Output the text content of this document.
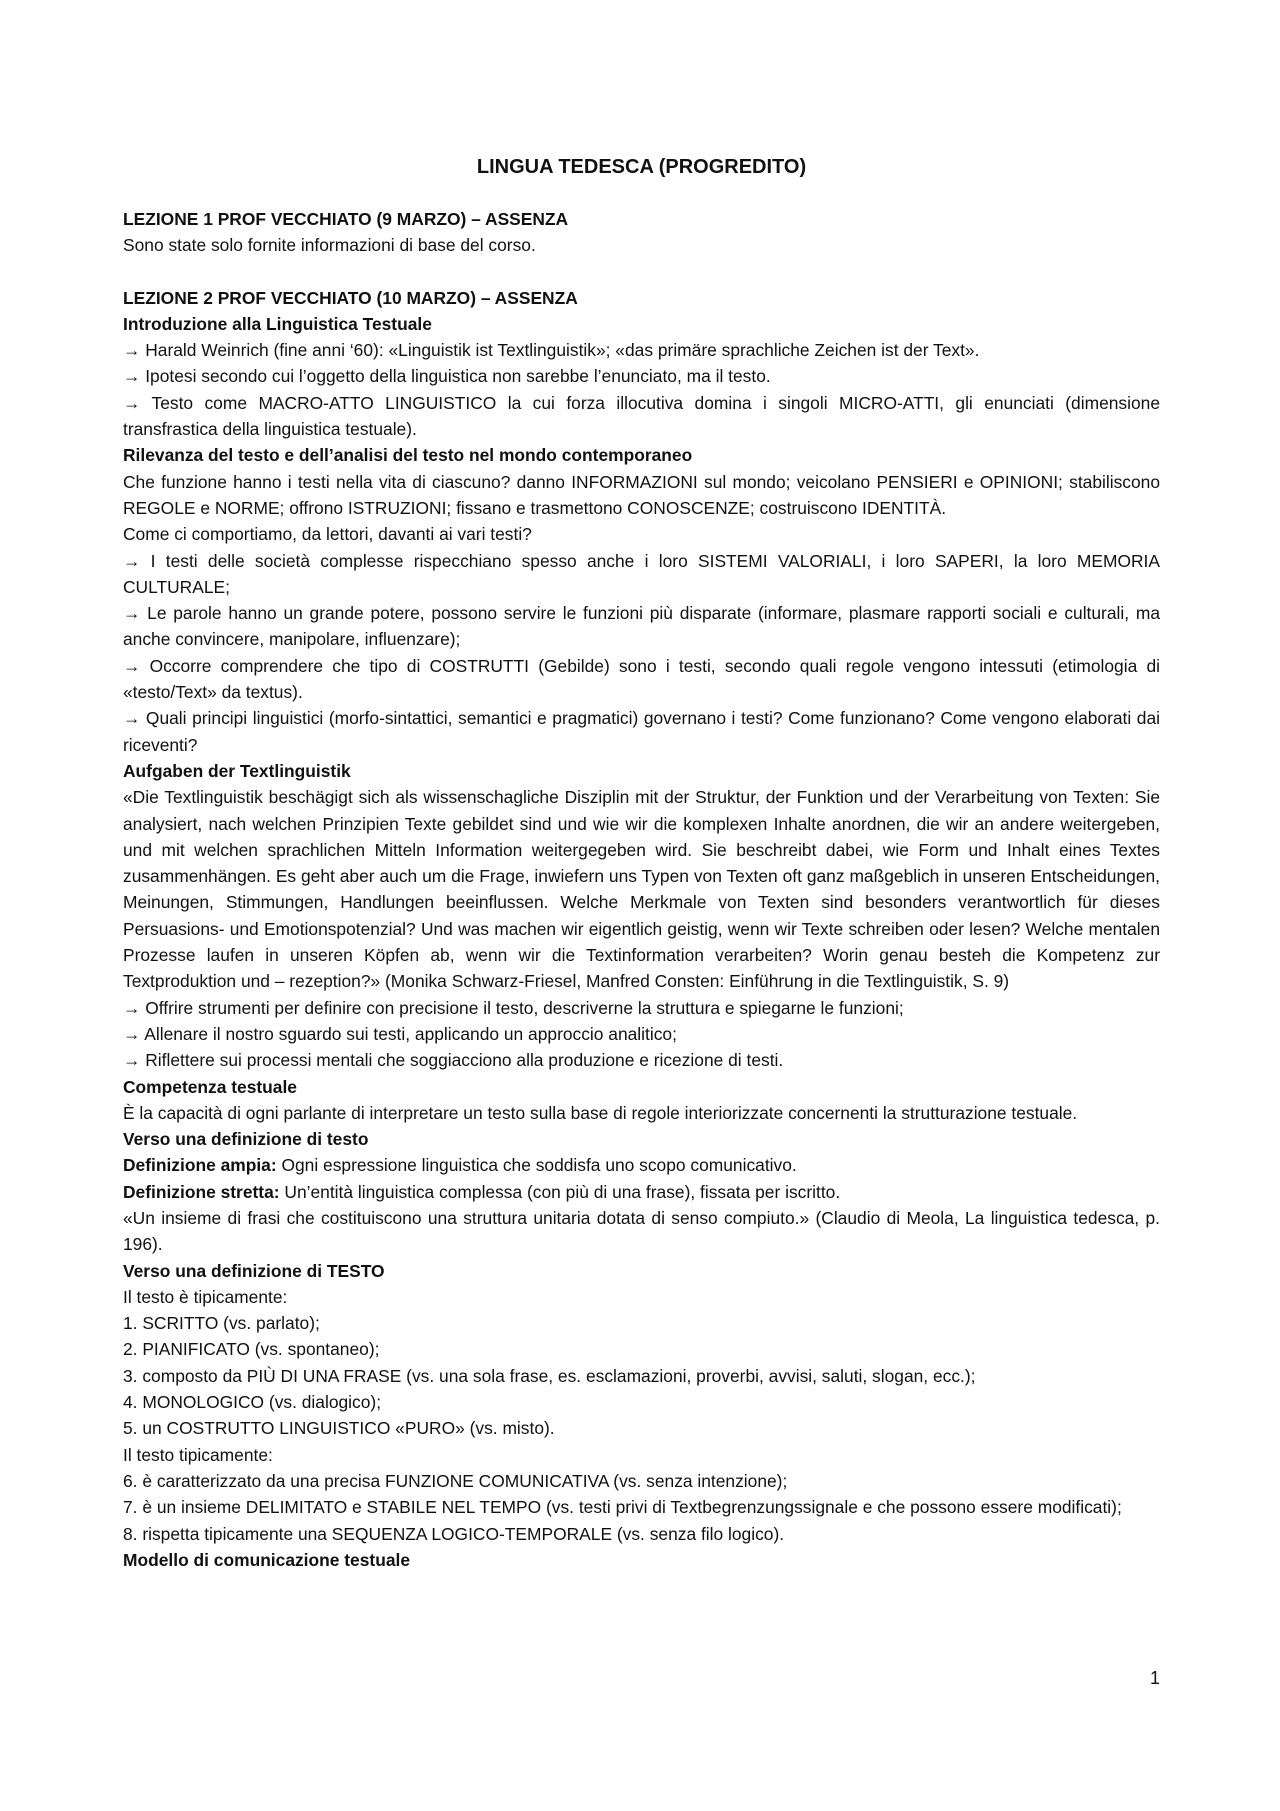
LINGUA TEDESCA (PROGREDITO)

LEZIONE 1 PROF VECCHIATO (9 MARZO) – ASSENZA

Sono state solo fornite informazioni di base del corso.

LEZIONE 2 PROF VECCHIATO (10 MARZO) – ASSENZA

Introduzione alla Linguistica Testuale

→ Harald Weinrich (fine anni ‘60): «Linguistik ist Textlinguistik»; «das primäre sprachliche Zeichen ist der Text».

→ Ipotesi secondo cui l’oggetto della linguistica non sarebbe l’enunciato, ma il testo.

→ Testo come MACRO-ATTO LINGUISTICO la cui forza illocutiva domina i singoli MICRO-ATTI, gli enunciati (dimensione transfrastica della linguistica testuale).

Rilevanza del testo e dell’analisi del testo nel mondo contemporaneo

Che funzione hanno i testi nella vita di ciascuno? danno INFORMAZIONI sul mondo; veicolano PENSIERI e OPINIONI; stabiliscono REGOLE e NORME; offrono ISTRUZIONI; fissano e trasmettono CONOSCENZE; costruiscono IDENTITÀ.

Come ci comportiamo, da lettori, davanti ai vari testi?

→ I testi delle società complesse rispecchiano spesso anche i loro SISTEMI VALORIALI, i loro SAPERI, la loro MEMORIA CULTURALE;

→ Le parole hanno un grande potere, possono servire le funzioni più disparate (informare, plasmare rapporti sociali e culturali, ma anche convincere, manipolare, influenzare);

→ Occorre comprendere che tipo di COSTRUTTI (Gebilde) sono i testi, secondo quali regole vengono intessuti (etimologia di «testo/Text» da textus).

→ Quali principi linguistici (morfo-sintattici, semantici e pragmatici) governano i testi? Come funzionano? Come vengono elaborati dai riceventi?

Aufgaben der Textlinguistik

«Die Textlinguistik beschägigt sich als wissenschagliche Disziplin mit der Struktur, der Funktion und der Verarbeitung von Texten: Sie analysiert, nach welchen Prinzipien Texte gebildet sind und wie wir die komplexen Inhalte anordnen, die wir an andere weitergeben, und mit welchen sprachlichen Mitteln Information weitergegeben wird. Sie beschreibt dabei, wie Form und Inhalt eines Textes zusammenhängen. Es geht aber auch um die Frage, inwiefern uns Typen von Texten oft ganz maßgeblich in unseren Entscheidungen, Meinungen, Stimmungen, Handlungen beeinflussen. Welche Merkmale von Texten sind besonders verantwortlich für dieses Persuasions- und Emotionspotenzial? Und was machen wir eigentlich geistig, wenn wir Texte schreiben oder lesen? Welche mentalen Prozesse laufen in unseren Köpfen ab, wenn wir die Textinformation verarbeiten? Worin genau besteh die Kompetenz zur Textproduktion und – rezeption?» (Monika Schwarz-Friesel, Manfred Consten: Einführung in die Textlinguistik, S. 9)

→ Offrire strumenti per definire con precisione il testo, descriverne la struttura e spiegarne le funzioni;

→ Allenare il nostro sguardo sui testi, applicando un approccio analitico;

→ Riflettere sui processi mentali che soggiacciono alla produzione e ricezione di testi.

Competenza testuale

È la capacità di ogni parlante di interpretare un testo sulla base di regole interiorizzate concernenti la strutturazione testuale.

Verso una definizione di testo

Definizione ampia: Ogni espressione linguistica che soddisfa uno scopo comunicativo.

Definizione stretta: Un’entità linguistica complessa (con più di una frase), fissata per iscritto.

«Un insieme di frasi che costituiscono una struttura unitaria dotata di senso compiuto.» (Claudio di Meola, La linguistica tedesca, p. 196).

Verso una definizione di TESTO

Il testo è tipicamente:

1. SCRITTO (vs. parlato);

2. PIANIFICATO (vs. spontaneo);

3. composto da PIÙ DI UNA FRASE (vs. una sola frase, es. esclamazioni, proverbi, avvisi, saluti, slogan, ecc.);

4. MONOLOGICO (vs. dialogico);

5. un COSTRUTTO LINGUISTICO «PURO» (vs. misto).

Il testo tipicamente:

6. è caratterizzato da una precisa FUNZIONE COMUNICATIVA (vs. senza intenzione);

7. è un insieme DELIMITATO e STABILE NEL TEMPO (vs. testi privi di Textbegrenzungssignale e che possono essere modificati);

8. rispetta tipicamente una SEQUENZA LOGICO-TEMPORALE (vs. senza filo logico).

Modello di comunicazione testuale

1
